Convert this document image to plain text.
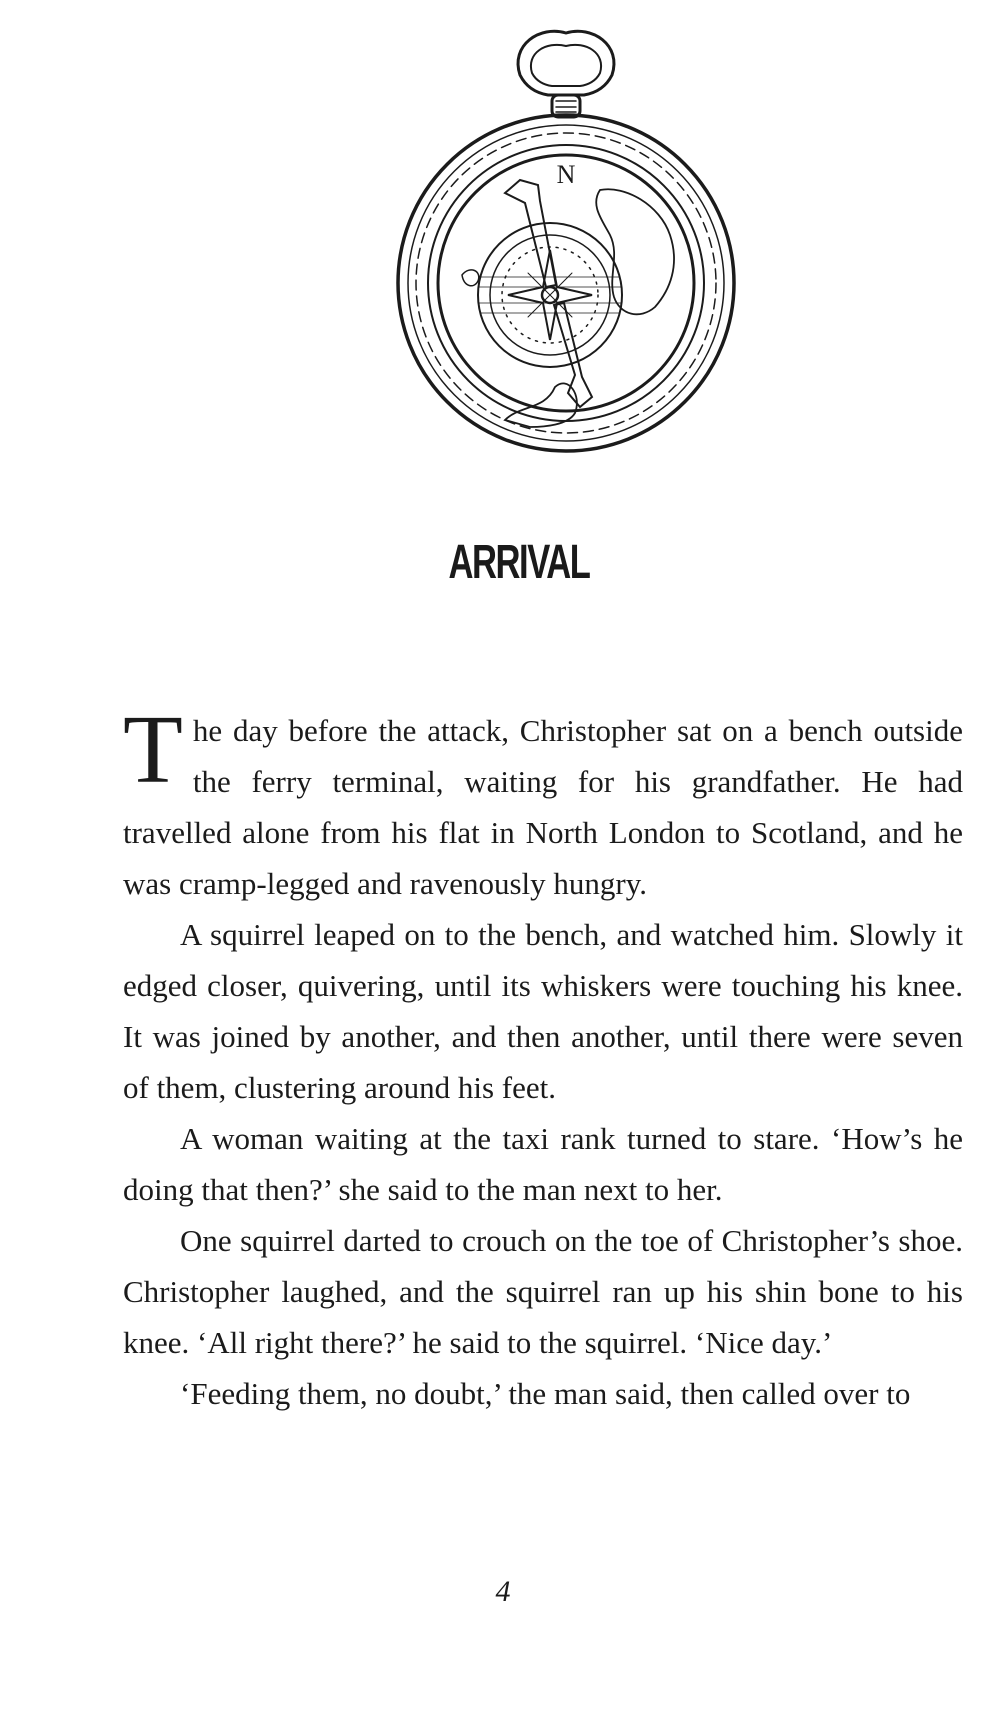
N
ARRIVAL

The day before the attack, Christopher sat on a bench outside the ferry terminal, waiting for his grandfather. He had travelled alone from his flat in North London to Scotland, and he was cramp-legged and ravenously hungry.

A squirrel leaped on to the bench, and watched him. Slowly it edged closer, quivering, until its whiskers were touching his knee. It was joined by another, and then another, until there were seven of them, clustering around his feet.

A woman waiting at the taxi rank turned to stare. ‘How’s he doing that then?’ she said to the man next to her.

One squirrel darted to crouch on the toe of Christopher’s shoe. Christopher laughed, and the squirrel ran up his shin bone to his knee. ‘All right there?’ he said to the squirrel. ‘Nice day.’

‘Feeding them, no doubt,’ the man said, then called over to

4
